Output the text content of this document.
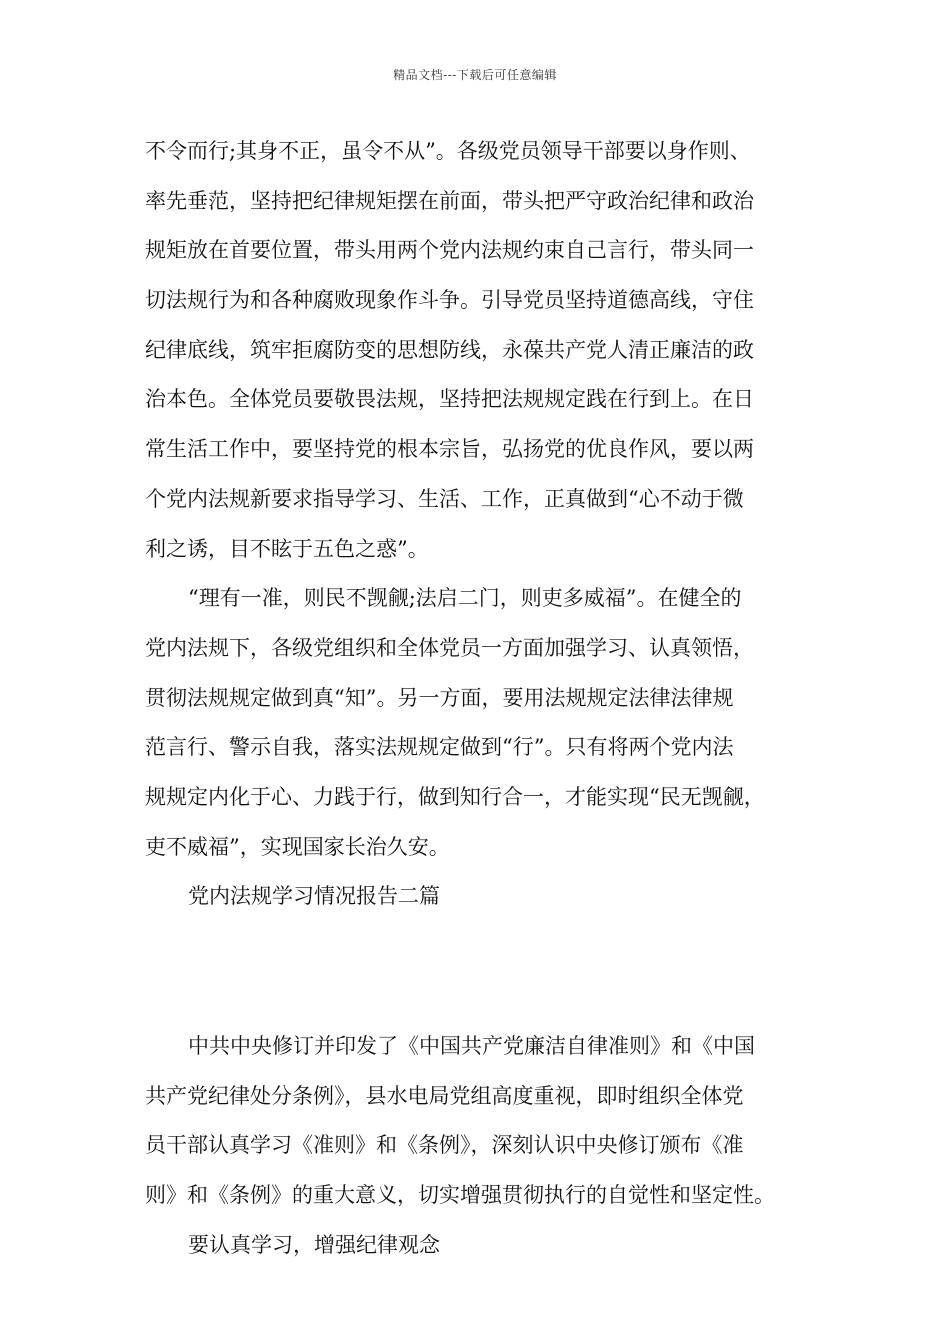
精品文档---下载后可任意编辑
不令而行;其身不正，虽令不从”。各级党员领导干部要以身作则、
率先垂范，坚持把纪律规矩摆在前面，带头把严守政治纪律和政治
规矩放在首要位置，带头用两个党内法规约束自己言行，带头同一
切法规行为和各种腐败现象作斗争。引导党员坚持道德高线，守住
纪律底线，筑牢拒腐防变的思想防线，永葆共产党人清正廉洁的政
治本色。全体党员要敬畏法规，坚持把法规规定践在行到上。在日
常生活工作中，要坚持党的根本宗旨，弘扬党的优良作风，要以两
个党内法规新要求指导学习、生活、工作，正真做到“心不动于微
利之诱，目不眩于五色之惑”。
“理有一准，则民不觊觎;法启二门，则吏多威福”。在健全的
党内法规下，各级党组织和全体党员一方面加强学习、认真领悟，
贯彻法规规定做到真“知”。另一方面，要用法规规定法律法律规
范言行、警示自我，落实法规规定做到“行”。只有将两个党内法
规规定内化于心、力践于行，做到知行合一，才能实现“民无觊觎，
吏不威福”，实现国家长治久安。
党内法规学习情况报告二篇
中共中央修订并印发了《中国共产党廉洁自律准则》和《中国
共产党纪律处分条例》，县水电局党组高度重视，即时组织全体党
员干部认真学习《准则》和《条例》，深刻认识中央修订颁布《准
则》和《条例》的重大意义，切实增强贯彻执行的自觉性和坚定性。
要认真学习，增强纪律观念
